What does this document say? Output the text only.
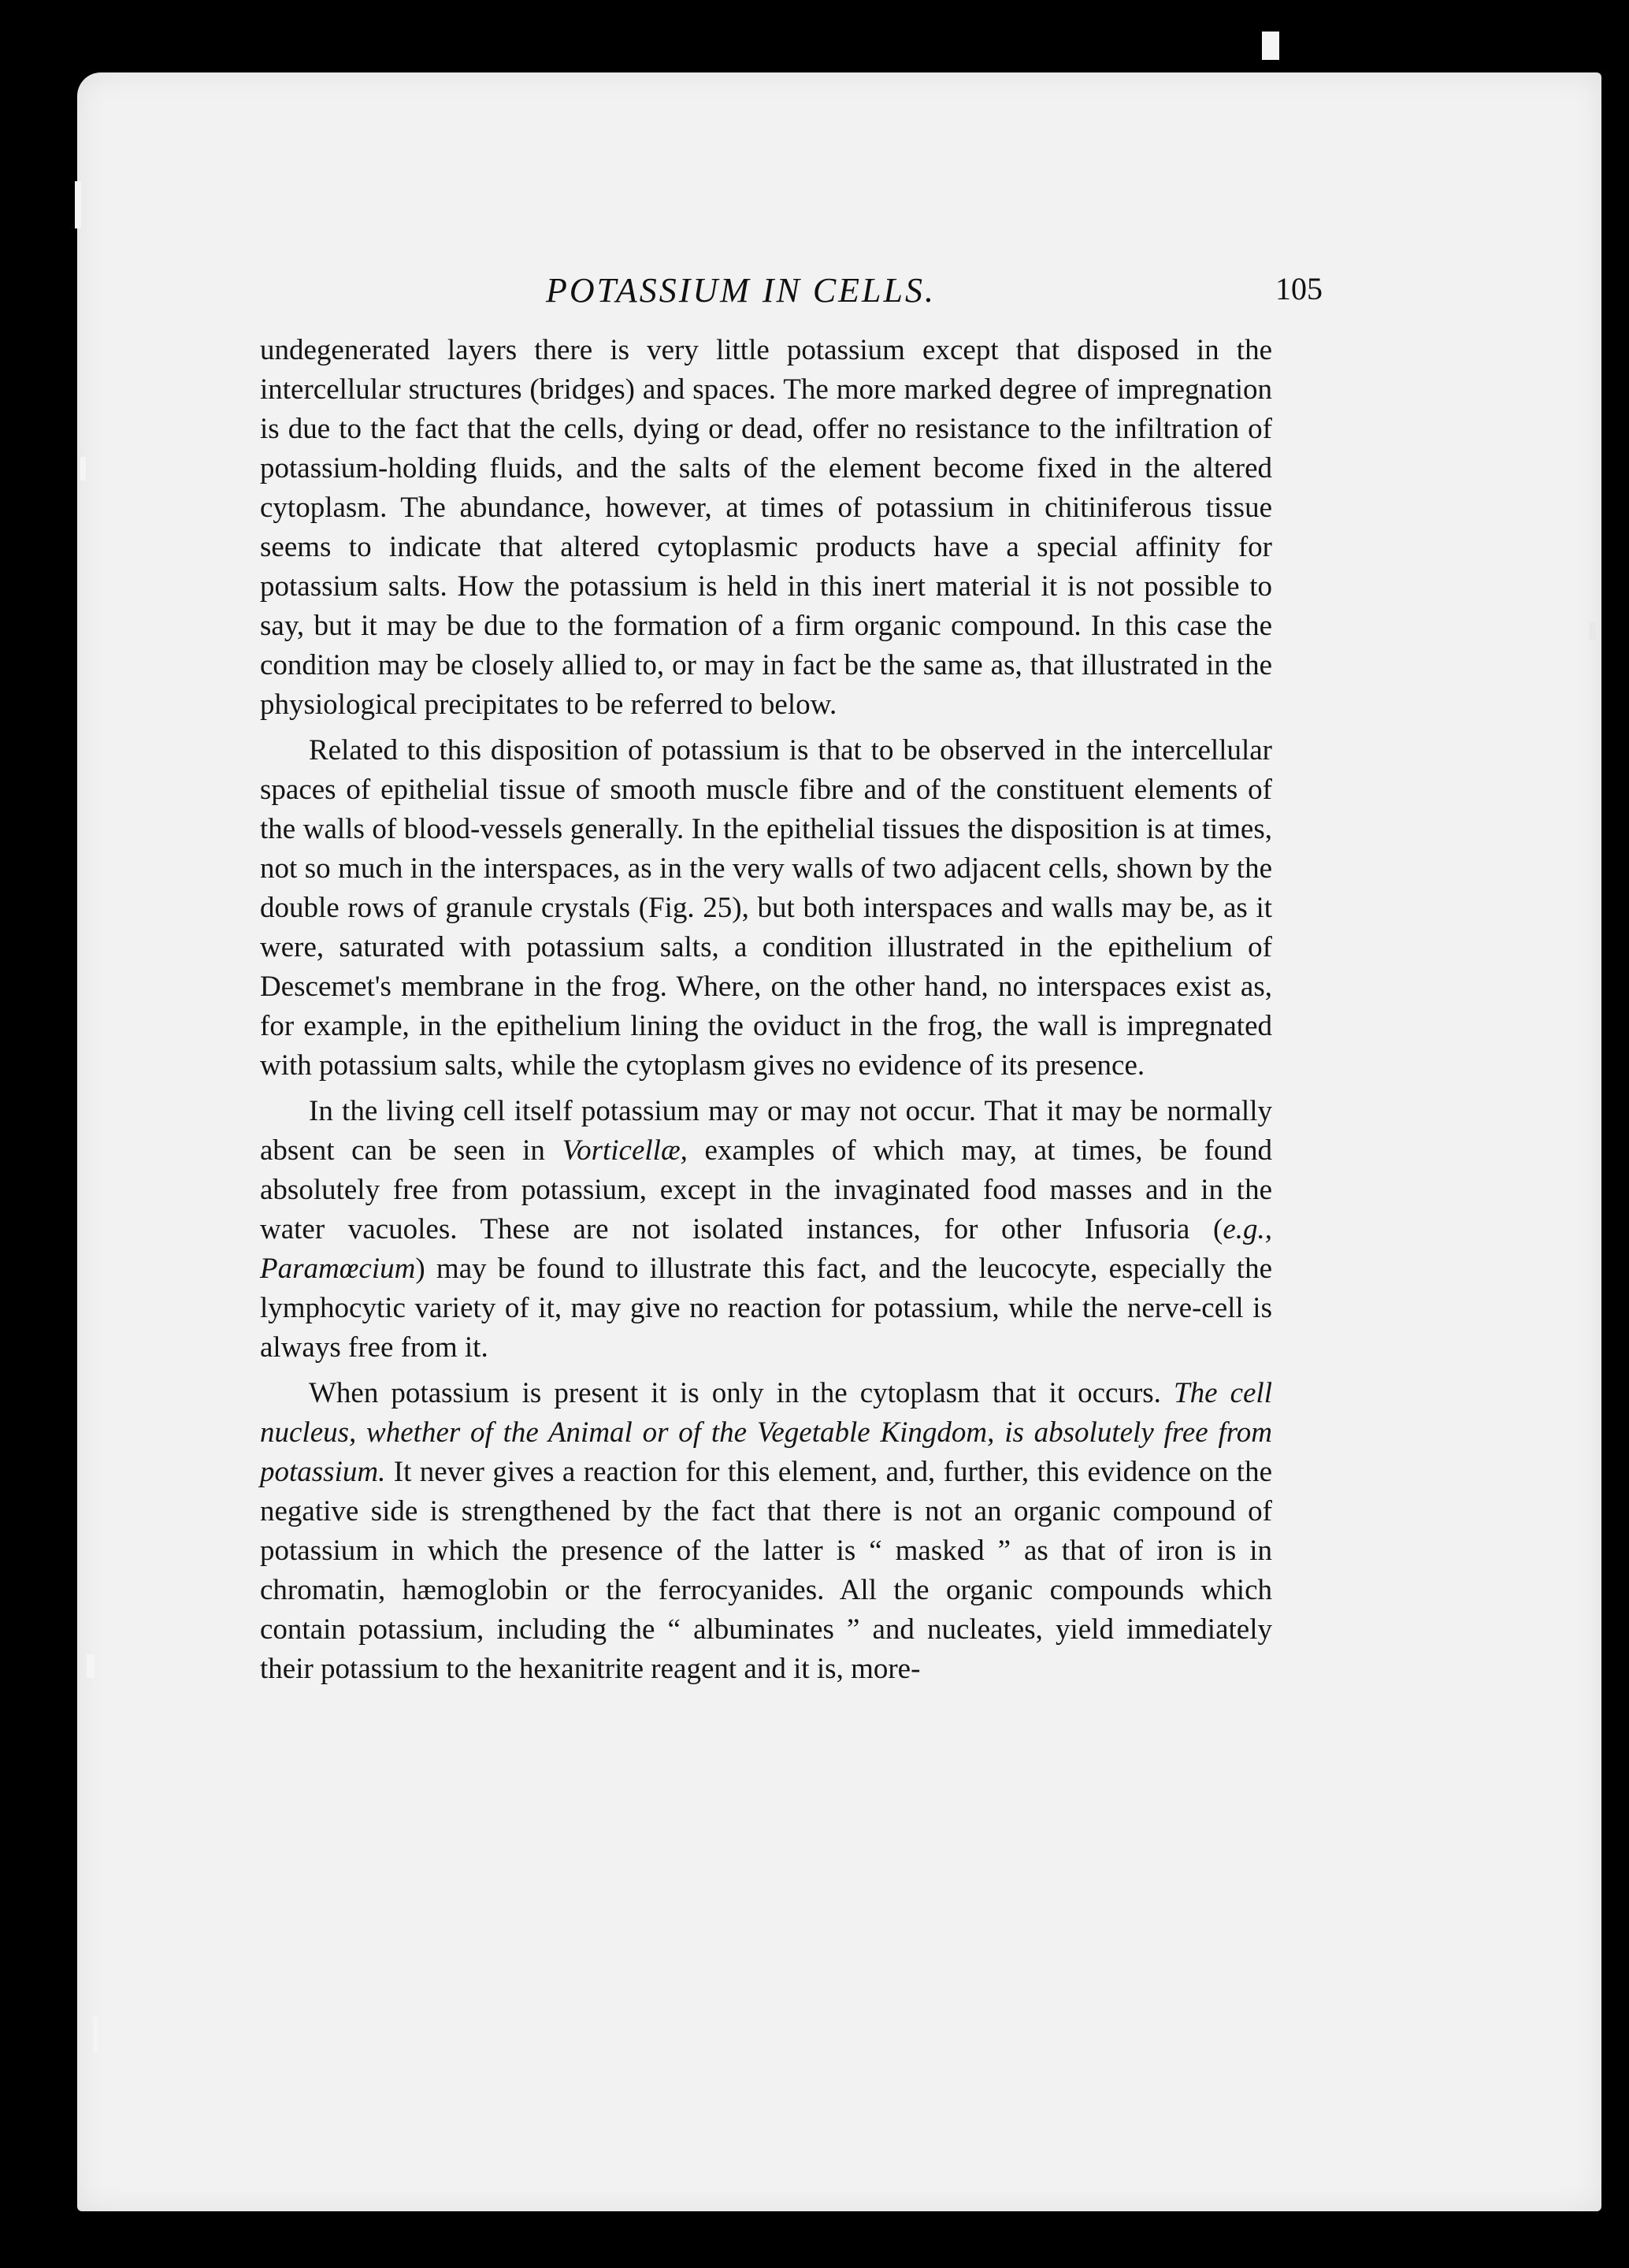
POTASSIUM IN CELLS.	105

undegenerated layers there is very little potassium except that disposed in the intercellular structures (bridges) and spaces. The more marked degree of impregnation is due to the fact that the cells, dying or dead, offer no resistance to the infiltration of potassium-holding fluids, and the salts of the element become fixed in the altered cytoplasm. The abundance, however, at times of potassium in chitiniferous tissue seems to indicate that altered cytoplasmic products have a special affinity for potassium salts. How the potassium is held in this inert material it is not possible to say, but it may be due to the formation of a firm organic compound. In this case the condition may be closely allied to, or may in fact be the same as, that illustrated in the physiological precipitates to be referred to below.

Related to this disposition of potassium is that to be observed in the intercellular spaces of epithelial tissue of smooth muscle fibre and of the constituent elements of the walls of blood-vessels generally. In the epithelial tissues the disposition is at times, not so much in the interspaces, as in the very walls of two adjacent cells, shown by the double rows of granule crystals (Fig. 25), but both interspaces and walls may be, as it were, saturated with potassium salts, a condition illustrated in the epithelium of Descemet's membrane in the frog. Where, on the other hand, no interspaces exist as, for example, in the epithelium lining the oviduct in the frog, the wall is impregnated with potassium salts, while the cytoplasm gives no evidence of its presence.

In the living cell itself potassium may or may not occur. That it may be normally absent can be seen in Vorticellæ, examples of which may, at times, be found absolutely free from potassium, except in the invaginated food masses and in the water vacuoles. These are not isolated instances, for other Infusoria (e.g., Paramœcium) may be found to illustrate this fact, and the leucocyte, especially the lymphocytic variety of it, may give no reaction for potassium, while the nerve-cell is always free from it.

When potassium is present it is only in the cytoplasm that it occurs. The cell nucleus, whether of the Animal or of the Vegetable Kingdom, is absolutely free from potassium. It never gives a reaction for this element, and, further, this evidence on the negative side is strengthened by the fact that there is not an organic compound of potassium in which the presence of the latter is “ masked ” as that of iron is in chromatin, hæmoglobin or the ferrocyanides. All the organic compounds which contain potassium, including the “ albuminates ” and nucleates, yield immediately their potassium to the hexanitrite reagent and it is, more-
